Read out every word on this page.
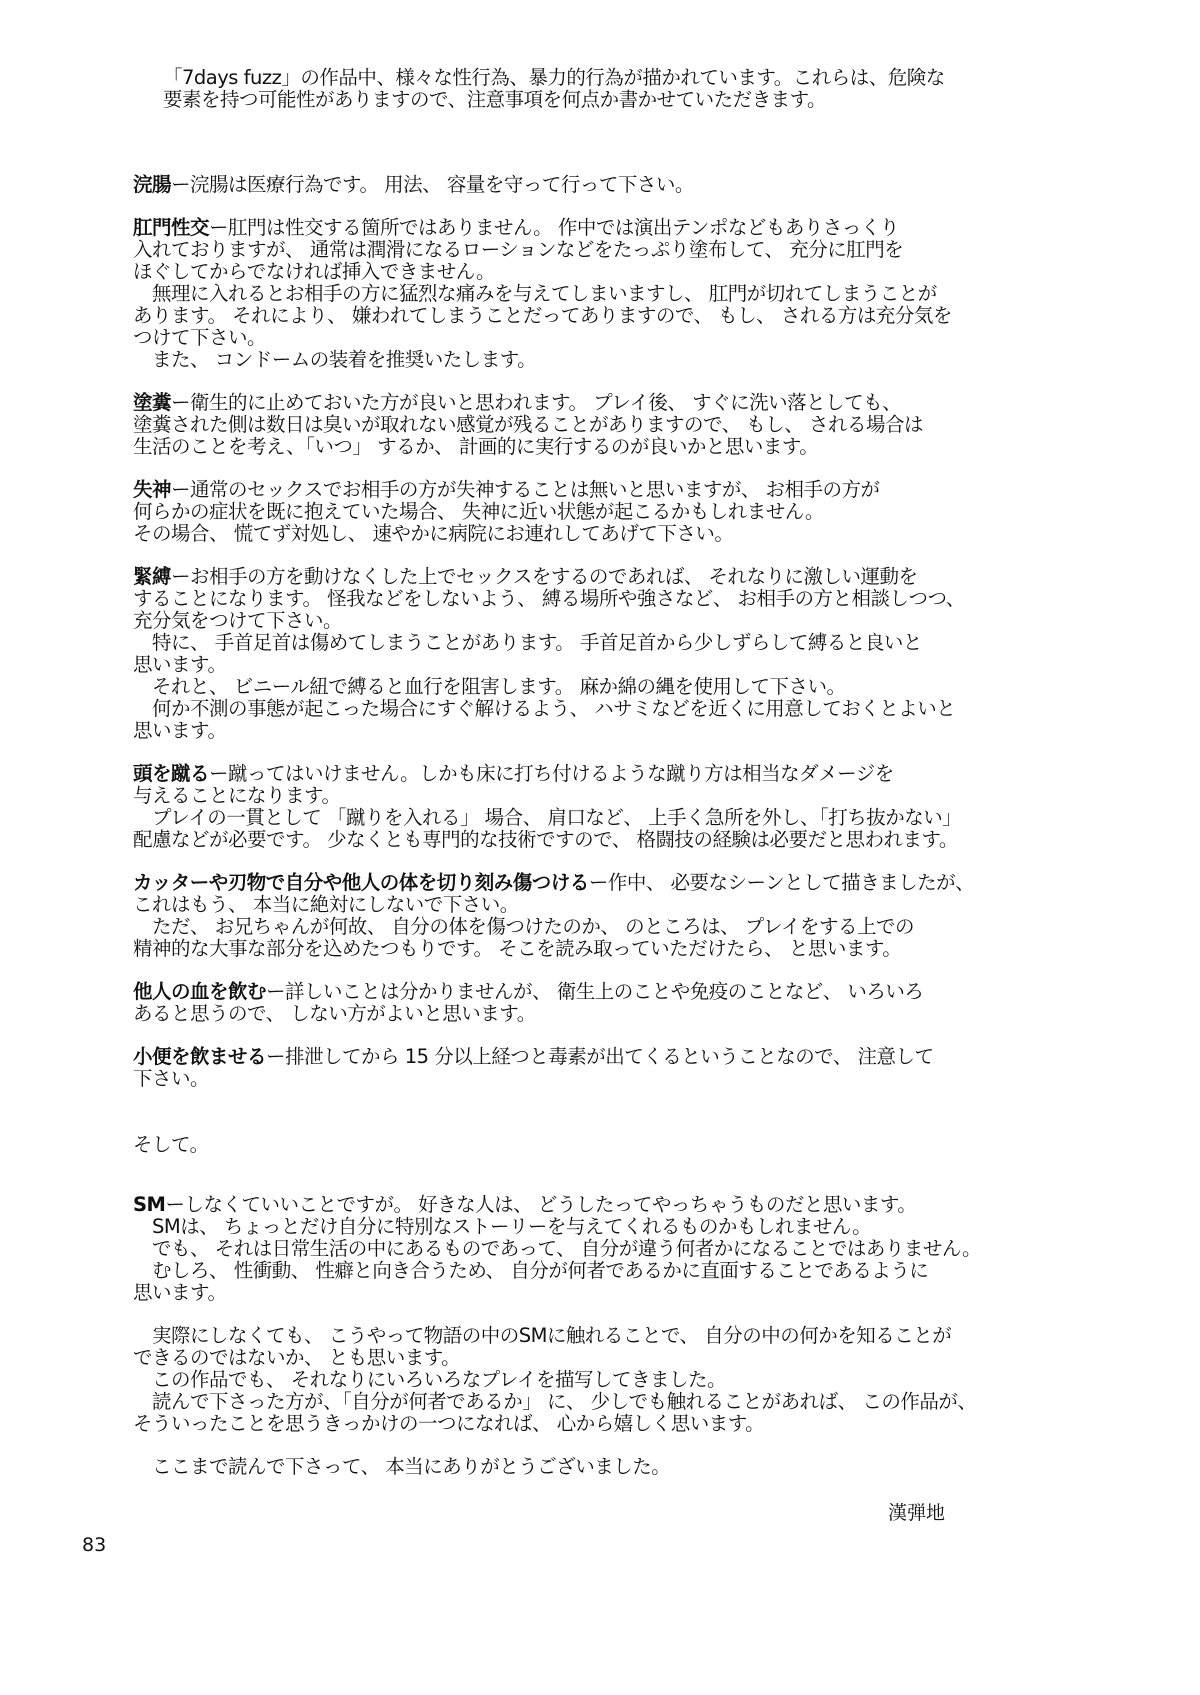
「7days fuzz」の作品中、様々な性行為、暴力的行為が描かれています。これらは、危険な
要素を持つ可能性がありますので、注意事項を何点か書かせていただきます。
浣腸ー浣腸は医療行為です。 用法、 容量を守って行って下さい。
肛門性交ー肛門は性交する箇所ではありません。 作中では演出テンポなどもありさっくり
入れておりますが、 通常は潤滑になるローションなどをたっぷり塗布して、 充分に肛門を
ほぐしてからでなければ挿入できません。
　無理に入れるとお相手の方に猛烈な痛みを与えてしまいますし、 肛門が切れてしまうことが
あります。 それにより、 嫌われてしまうことだってありますので、 もし、 される方は充分気を
つけて下さい。
　また、 コンドームの装着を推奨いたします。
塗糞ー衛生的に止めておいた方が良いと思われます。 プレイ後、 すぐに洗い落としても、
塗糞された側は数日は臭いが取れない感覚が残ることがありますので、 もし、 される場合は
生活のことを考え、「いつ」 するか、 計画的に実行するのが良いかと思います。
失神ー通常のセックスでお相手の方が失神することは無いと思いますが、 お相手の方が
何らかの症状を既に抱えていた場合、 失神に近い状態が起こるかもしれません。
その場合、 慌てず対処し、 速やかに病院にお連れしてあげて下さい。
緊縛ーお相手の方を動けなくした上でセックスをするのであれば、 それなりに激しい運動を
することになります。 怪我などをしないよう、 縛る場所や強さなど、 お相手の方と相談しつつ、
充分気をつけて下さい。
　特に、 手首足首は傷めてしまうことがあります。 手首足首から少しずらして縛ると良いと
思います。
　それと、 ビニール紐で縛ると血行を阻害します。 麻か綿の縄を使用して下さい。
　何か不測の事態が起こった場合にすぐ解けるよう、 ハサミなどを近くに用意しておくとよいと
思います。
頭を蹴るー蹴ってはいけません。しかも床に打ち付けるような蹴り方は相当なダメージを
与えることになります。
　プレイの一貫として 「蹴りを入れる」 場合、 肩口など、 上手く急所を外し、「打ち抜かない」
配慮などが必要です。 少なくとも専門的な技術ですので、 格闘技の経験は必要だと思われます。
カッターや刃物で自分や他人の体を切り刻み傷つけるー作中、 必要なシーンとして描きましたが、
これはもう、 本当に絶対にしないで下さい。
　ただ、 お兄ちゃんが何故、 自分の体を傷つけたのか、 のところは、 プレイをする上での
精神的な大事な部分を込めたつもりです。 そこを読み取っていただけたら、 と思います。
他人の血を飲むー詳しいことは分かりませんが、 衛生上のことや免疫のことなど、 いろいろ
あると思うので、 しない方がよいと思います。
小便を飲ませるー排泄してから 15 分以上経つと毒素が出てくるということなので、 注意して
下さい。
そして。
SMーしなくていいことですが。 好きな人は、 どうしたってやっちゃうものだと思います。
　SMは、 ちょっとだけ自分に特別なストーリーを与えてくれるものかもしれません。
　でも、 それは日常生活の中にあるものであって、 自分が違う何者かになることではありません。
　むしろ、 性衝動、 性癖と向き合うため、 自分が何者であるかに直面することであるように
思います。
　実際にしなくても、 こうやって物語の中のSMに触れることで、 自分の中の何かを知ることが
できるのではないか、 とも思います。
　この作品でも、 それなりにいろいろなプレイを描写してきました。
　読んで下さった方が、「自分が何者であるか」 に、 少しでも触れることがあれば、 この作品が、
そういったことを思うきっかけの一つになれば、 心から嬉しく思います。
　ここまで読んで下さって、 本当にありがとうございました。
漢弾地
83
